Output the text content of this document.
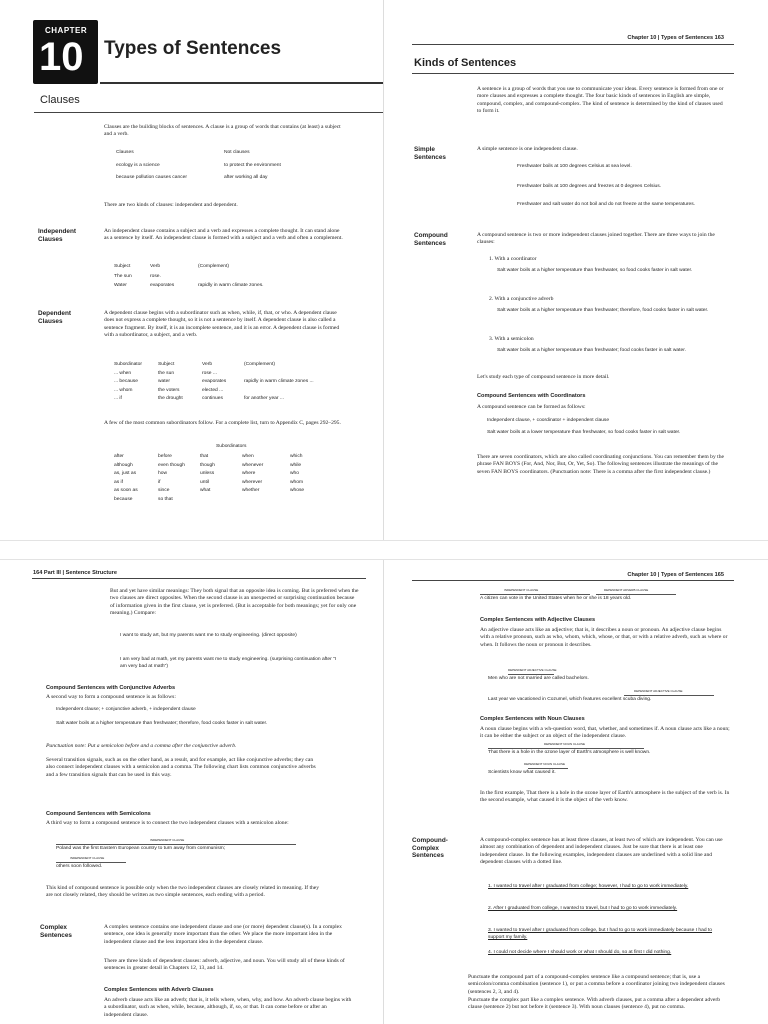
CHAPTER
10 Types of Sentences
Clauses
Clauses are the building blocks of sentences. A clause is a group of words that contains (at least) a subject and a verb.
Clauses	Not clauses
ecology is a science	to protect the environment
because pollution causes cancer	after working all day
There are two kinds of clauses: independent and dependent.
Independent Clauses
An independent clause contains a subject and a verb and expresses a complete thought. It can stand alone as a sentence by itself. An independent clause is formed with a subject and a verb and often a complement.
Subject	Verb	(Complement)
The sun	rose.
Water	evaporates	rapidly in warm climate zones.
Dependent Clauses
A dependent clause begins with a subordinator such as when, while, if, that, or who. A dependent clause does not express a complete thought, so it is not a sentence by itself. A dependent clause is also called a sentence fragment. By itself, it is an incomplete sentence, and it is an error. A dependent clause is formed with a subordinator, a subject, and a verb.
Subordinator	Subject	Verb	(Complement)
... when	the sun	rose ...
... because	water	evaporates	rapidly in warm climate zones ...
... whom	the voters	elected ...
... if	the drought	continues	for another year ...
A few of the most common subordinators follow. For a complete list, turn to Appendix C, pages 292–295.
Subordinators
after	before	that	when	which
although	even though	though	whenever	while
as, just as	how	unless	where	who
as if	if	until	wherever	whom
as soon as	since	what	whether	whose
because	so that
Chapter 10 | Types of Sentences 163
Kinds of Sentences
A sentence is a group of words that you use to communicate your ideas. Every sentence is formed from one or more clauses and expresses a complete thought. The four basic kinds of sentences in English are simple, compound, complex, and compound-complex. The kind of sentence is determined by the kind of clauses used to form it.
Simple Sentences
A simple sentence is one independent clause.
Freshwater boils at 100 degrees Celsius at sea level.
Freshwater boils at 100 degrees and freezes at 0 degrees Celsius.
Freshwater and salt water do not boil and do not freeze at the same temperatures.
Compound Sentences
A compound sentence is two or more independent clauses joined together. There are three ways to join the clauses:
1. With a coordinator
Salt water boils at a higher temperature than freshwater, so food cooks faster in salt water.
2. With a conjunctive adverb
Salt water boils at a higher temperature than freshwater; therefore, food cooks faster in salt water.
3. With a semicolon
Salt water boils at a higher temperature than freshwater; food cooks faster in salt water.
Let's study each type of compound sentence in more detail.
Compound Sentences with Coordinators
A compound sentence can be formed as follows:
Independent clause, + coordinator + independent clause
Salt water boils at a lower temperature than freshwater, so food cooks faster in salt water.
There are seven coordinators, which are also called coordinating conjunctions. You can remember them by the phrase FAN BOYS (For, And, Nor, But, Or, Yet, So). The following sentences illustrate the meanings of the seven FAN BOYS coordinators. (Punctuation note: There is a comma after the first independent clause.)
164 Part III | Sentence Structure
But and yet have similar meanings: They both signal that an opposite idea is coming. But is preferred when the two clauses are direct opposites. When the second clause is an unexpected or surprising continuation because of information given in the first clause, yet is preferred. (But is acceptable for both meanings; yet for only one meaning.) Compare:
I want to study art, but my parents want me to study engineering. (direct opposite)
I am very bad at math, yet my parents want me to study engineering. (surprising continuation after "I am very bad at math")
Compound Sentences with Conjunctive Adverbs
A second way to form a compound sentence is as follows:
Independent clause; + conjunctive adverb, + independent clause
Salt water boils at a higher temperature than freshwater; therefore, food cooks faster in salt water.
Punctuation note: Put a semicolon before and a comma after the conjunctive adverb.
Several transition signals, such as on the other hand, as a result, and for example, act like conjunctive adverbs; they can also connect independent clauses with a semicolon and a comma. The following chart lists common conjunctive adverbs and a few transition signals that can be used in this way.
Compound Sentences with Semicolons
A third way to form a compound sentence is to connect the two independent clauses with a semicolon alone:
INDEPENDENT CLAUSE
Poland was the first Eastern European country to turn away from communism;
INDEPENDENT CLAUSE
others soon followed.
This kind of compound sentence is possible only when the two independent clauses are closely related in meaning. If they are not closely related, they should be written as two simple sentences, each ending with a period.
Complex Sentences
A complex sentence contains one independent clause and one (or more) dependent clause(s). In a complex sentence, one idea is generally more important than the other. We place the more important idea in the independent clause and the less important idea in the dependent clause.
There are three kinds of dependent clauses: adverb, adjective, and noun. You will study all of these kinds of sentences in greater detail in Chapters 12, 13, and 14.
Complex Sentences with Adverb Clauses
An adverb clause acts like an adverb; that is, it tells where, when, why, and how. An adverb clause begins with a subordinator, such as when, while, because, although, if, so, or that. It can come before or after an independent clause.
Chapter 10 | Types of Sentences 165
INDEPENDENT CLAUSE	DEPENDENT ADVERB CLAUSE
A citizen can vote in the United States when he or she is 18 years old.
Complex Sentences with Adjective Clauses
An adjective clause acts like an adjective; that is, it describes a noun or pronoun. An adjective clause begins with a relative pronoun, such as who, whom, which, whose, or that, or with a relative adverb, such as where or when. It follows the noun or pronoun it describes.
DEPENDENT ADJECTIVE CLAUSE
Men who are not married are called bachelors.
DEPENDENT ADJECTIVE CLAUSE
Last year we vacationed in Cozumel, which features excellent scuba diving.
Complex Sentences with Noun Clauses
A noun clause begins with a wh-question word, that, whether, and sometimes if. A noun clause acts like a noun; it can be either the subject or an object of the independent clause.
DEPENDENT NOUN CLAUSE
That there is a hole in the ozone layer of Earth's atmosphere is well known.
DEPENDENT NOUN CLAUSE
Scientists know what caused it.
In the first example, That there is a hole in the ozone layer of Earth's atmosphere is the subject of the verb is. In the second example, what caused it is the object of the verb know.
Compound-Complex Sentences
A compound-complex sentence has at least three clauses, at least two of which are independent. You can use almost any combination of dependent and independent clauses. Just be sure that there is at least one independent clause. In the following examples, independent clauses are underlined with a solid line and dependent clauses with a dotted line.
1. I wanted to travel after I graduated from college; however, I had to go to work immediately.
2. After I graduated from college, I wanted to travel, but I had to go to work immediately.
3. I wanted to travel after I graduated from college, but I had to go to work immediately because I had to support my family.
4. I could not decide where I should work or what I should do, so at first I did nothing.
Punctuate the compound part of a compound-complex sentence like a compound sentence; that is, use a semicolon/comma combination (sentence 1), or put a comma before a coordinator joining two independent clauses (sentences 2, 3, and 4).
Punctuate the complex part like a complex sentence. With adverb clauses, put a comma after a dependent adverb clause (sentence 2) but not before it (sentence 3). With noun clauses (sentence 4), put no comma.
